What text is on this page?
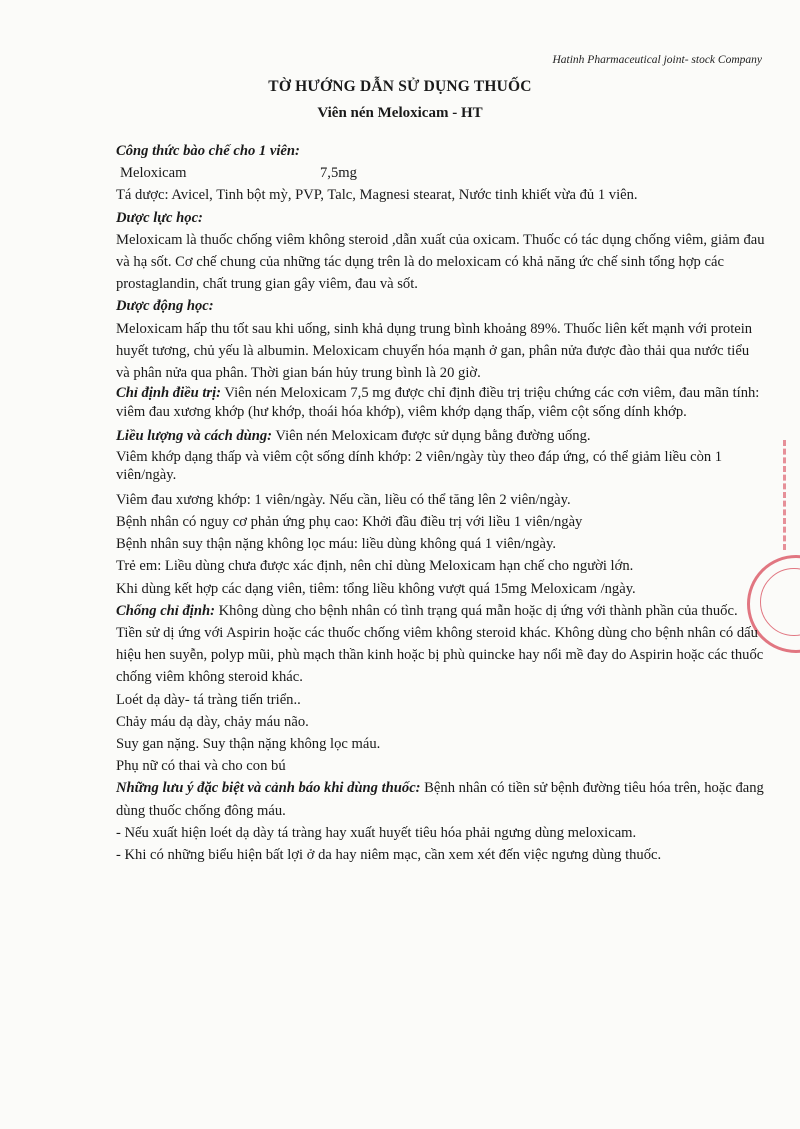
Hatinh Pharmaceutical joint- stock Company
TỜ HƯỚNG DẪN SỬ DỤNG THUỐC
Viên nén Meloxicam - HT

Công thức bào chế cho 1 viên:

Meloxicam	7,5mg

Tá dược: Avicel, Tinh bột mỳ, PVP, Talc, Magnesi stearat, Nước tinh khiết vừa đủ 1 viên.

Dược lực học:

Meloxicam là thuốc chống viêm không steroid ,dẫn xuất của oxicam. Thuốc có tác dụng chống viêm, giảm đau và hạ sốt. Cơ chế chung của những tác dụng trên là do meloxicam có khả năng ức chế sinh tổng hợp các prostaglandin, chất trung gian gây viêm, đau và sốt.

Dược động học:

Meloxicam hấp thu tốt sau khi uống, sinh khả dụng trung bình khoảng 89%. Thuốc liên kết mạnh với protein huyết tương, chủ yếu là albumin. Meloxicam chuyển hóa mạnh ở gan, phân nửa được đào thải qua nước tiểu và phân nửa qua phân. Thời gian bán hủy trung bình là 20 giờ.

Chỉ định điều trị: Viên nén Meloxicam 7,5 mg được chỉ định điều trị triệu chứng các cơn viêm, đau mãn tính: viêm đau xương khớp (hư khớp, thoái hóa khớp), viêm khớp dạng thấp, viêm cột sống dính khớp.

Liều lượng và cách dùng: Viên nén Meloxicam được sử dụng bằng đường uống.

Viêm khớp dạng thấp và viêm cột sống dính khớp: 2 viên/ngày tùy theo đáp ứng, có thể giảm liều còn 1 viên/ngày.

Viêm đau xương khớp: 1 viên/ngày. Nếu cần, liều có thể tăng lên 2 viên/ngày.

Bệnh nhân có nguy cơ phản ứng phụ cao: Khởi đầu điều trị với liều 1 viên/ngày

Bệnh nhân suy thận nặng không lọc máu: liều dùng không quá 1 viên/ngày.

Trẻ em: Liều dùng chưa được xác định, nên chỉ dùng Meloxicam hạn chế cho người lớn.

Khi dùng kết hợp các dạng viên, tiêm: tổng liều không vượt quá 15mg Meloxicam /ngày.

Chống chỉ định: Không dùng cho bệnh nhân có tình trạng quá mẫn hoặc dị ứng với thành phần của thuốc. Tiền sử dị ứng với Aspirin hoặc các thuốc chống viêm không steroid khác. Không dùng cho bệnh nhân có dấu hiệu hen suyễn, polyp mũi, phù mạch thần kinh hoặc bị phù quincke hay nổi mề đay do Aspirin hoặc các thuốc chống viêm không steroid khác.

Loét dạ dày- tá tràng tiến triển..

Chảy máu dạ dày, chảy máu não.

Suy gan nặng. Suy thận nặng không lọc máu.

Phụ nữ có thai và cho con bú

Những lưu ý đặc biệt và cảnh báo khi dùng thuốc: Bệnh nhân có tiền sử bệnh đường tiêu hóa trên, hoặc đang dùng thuốc chống đông máu.

- Nếu xuất hiện loét dạ dày tá tràng hay xuất huyết tiêu hóa phải ngưng dùng meloxicam.

- Khi có những biểu hiện bất lợi ở da hay niêm mạc, cần xem xét đến việc ngưng dùng thuốc.
